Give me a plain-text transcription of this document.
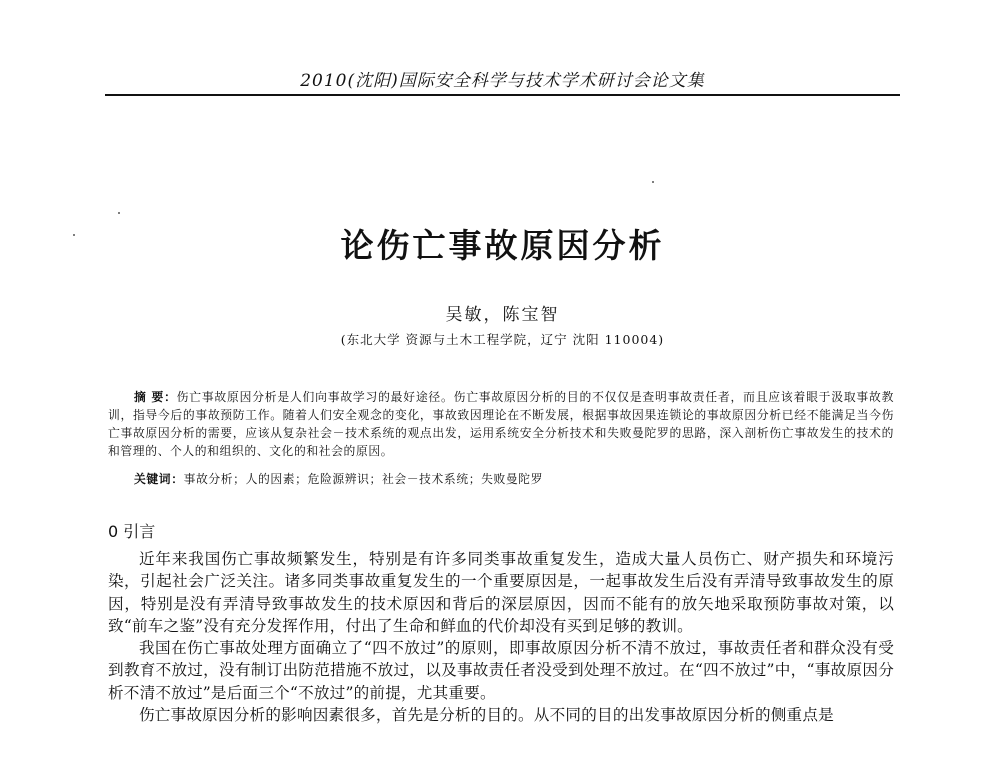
2010(沈阳)国际安全科学与技术学术研讨会论文集
论伤亡事故原因分析
吴敏，陈宝智
(东北大学 资源与土木工程学院，辽宁 沈阳 110004)
摘 要：伤亡事故原因分析是人们向事故学习的最好途径。伤亡事故原因分析的目的不仅仅是查明事故责任者，而且应该着眼于汲取事故教训，指导今后的事故预防工作。随着人们安全观念的变化，事故致因理论在不断发展，根据事故因果连锁论的事故原因分析已经不能满足当今伤亡事故原因分析的需要，应该从复杂社会－技术系统的观点出发，运用系统安全分析技术和失败曼陀罗的思路，深入剖析伤亡事故发生的技术的和管理的、个人的和组织的、文化的和社会的原因。
关键词：事故分析；人的因素；危险源辨识；社会－技术系统；失败曼陀罗
0 引言

近年来我国伤亡事故频繁发生，特别是有许多同类事故重复发生，造成大量人员伤亡、财产损失和环境污染，引起社会广泛关注。诸多同类事故重复发生的一个重要原因是，一起事故发生后没有弄清导致事故发生的原因，特别是没有弄清导致事故发生的技术原因和背后的深层原因，因而不能有的放矢地采取预防事故对策，以致“前车之鉴”没有充分发挥作用，付出了生命和鲜血的代价却没有买到足够的教训。

我国在伤亡事故处理方面确立了“四不放过”的原则，即事故原因分析不清不放过，事故责任者和群众没有受到教育不放过，没有制订出防范措施不放过，以及事故责任者没受到处理不放过。在“四不放过”中，“事故原因分析不清不放过”是后面三个“不放过”的前提，尤其重要。

伤亡事故原因分析的影响因素很多，首先是分析的目的。从不同的目的出发事故原因分析的侧重点是
